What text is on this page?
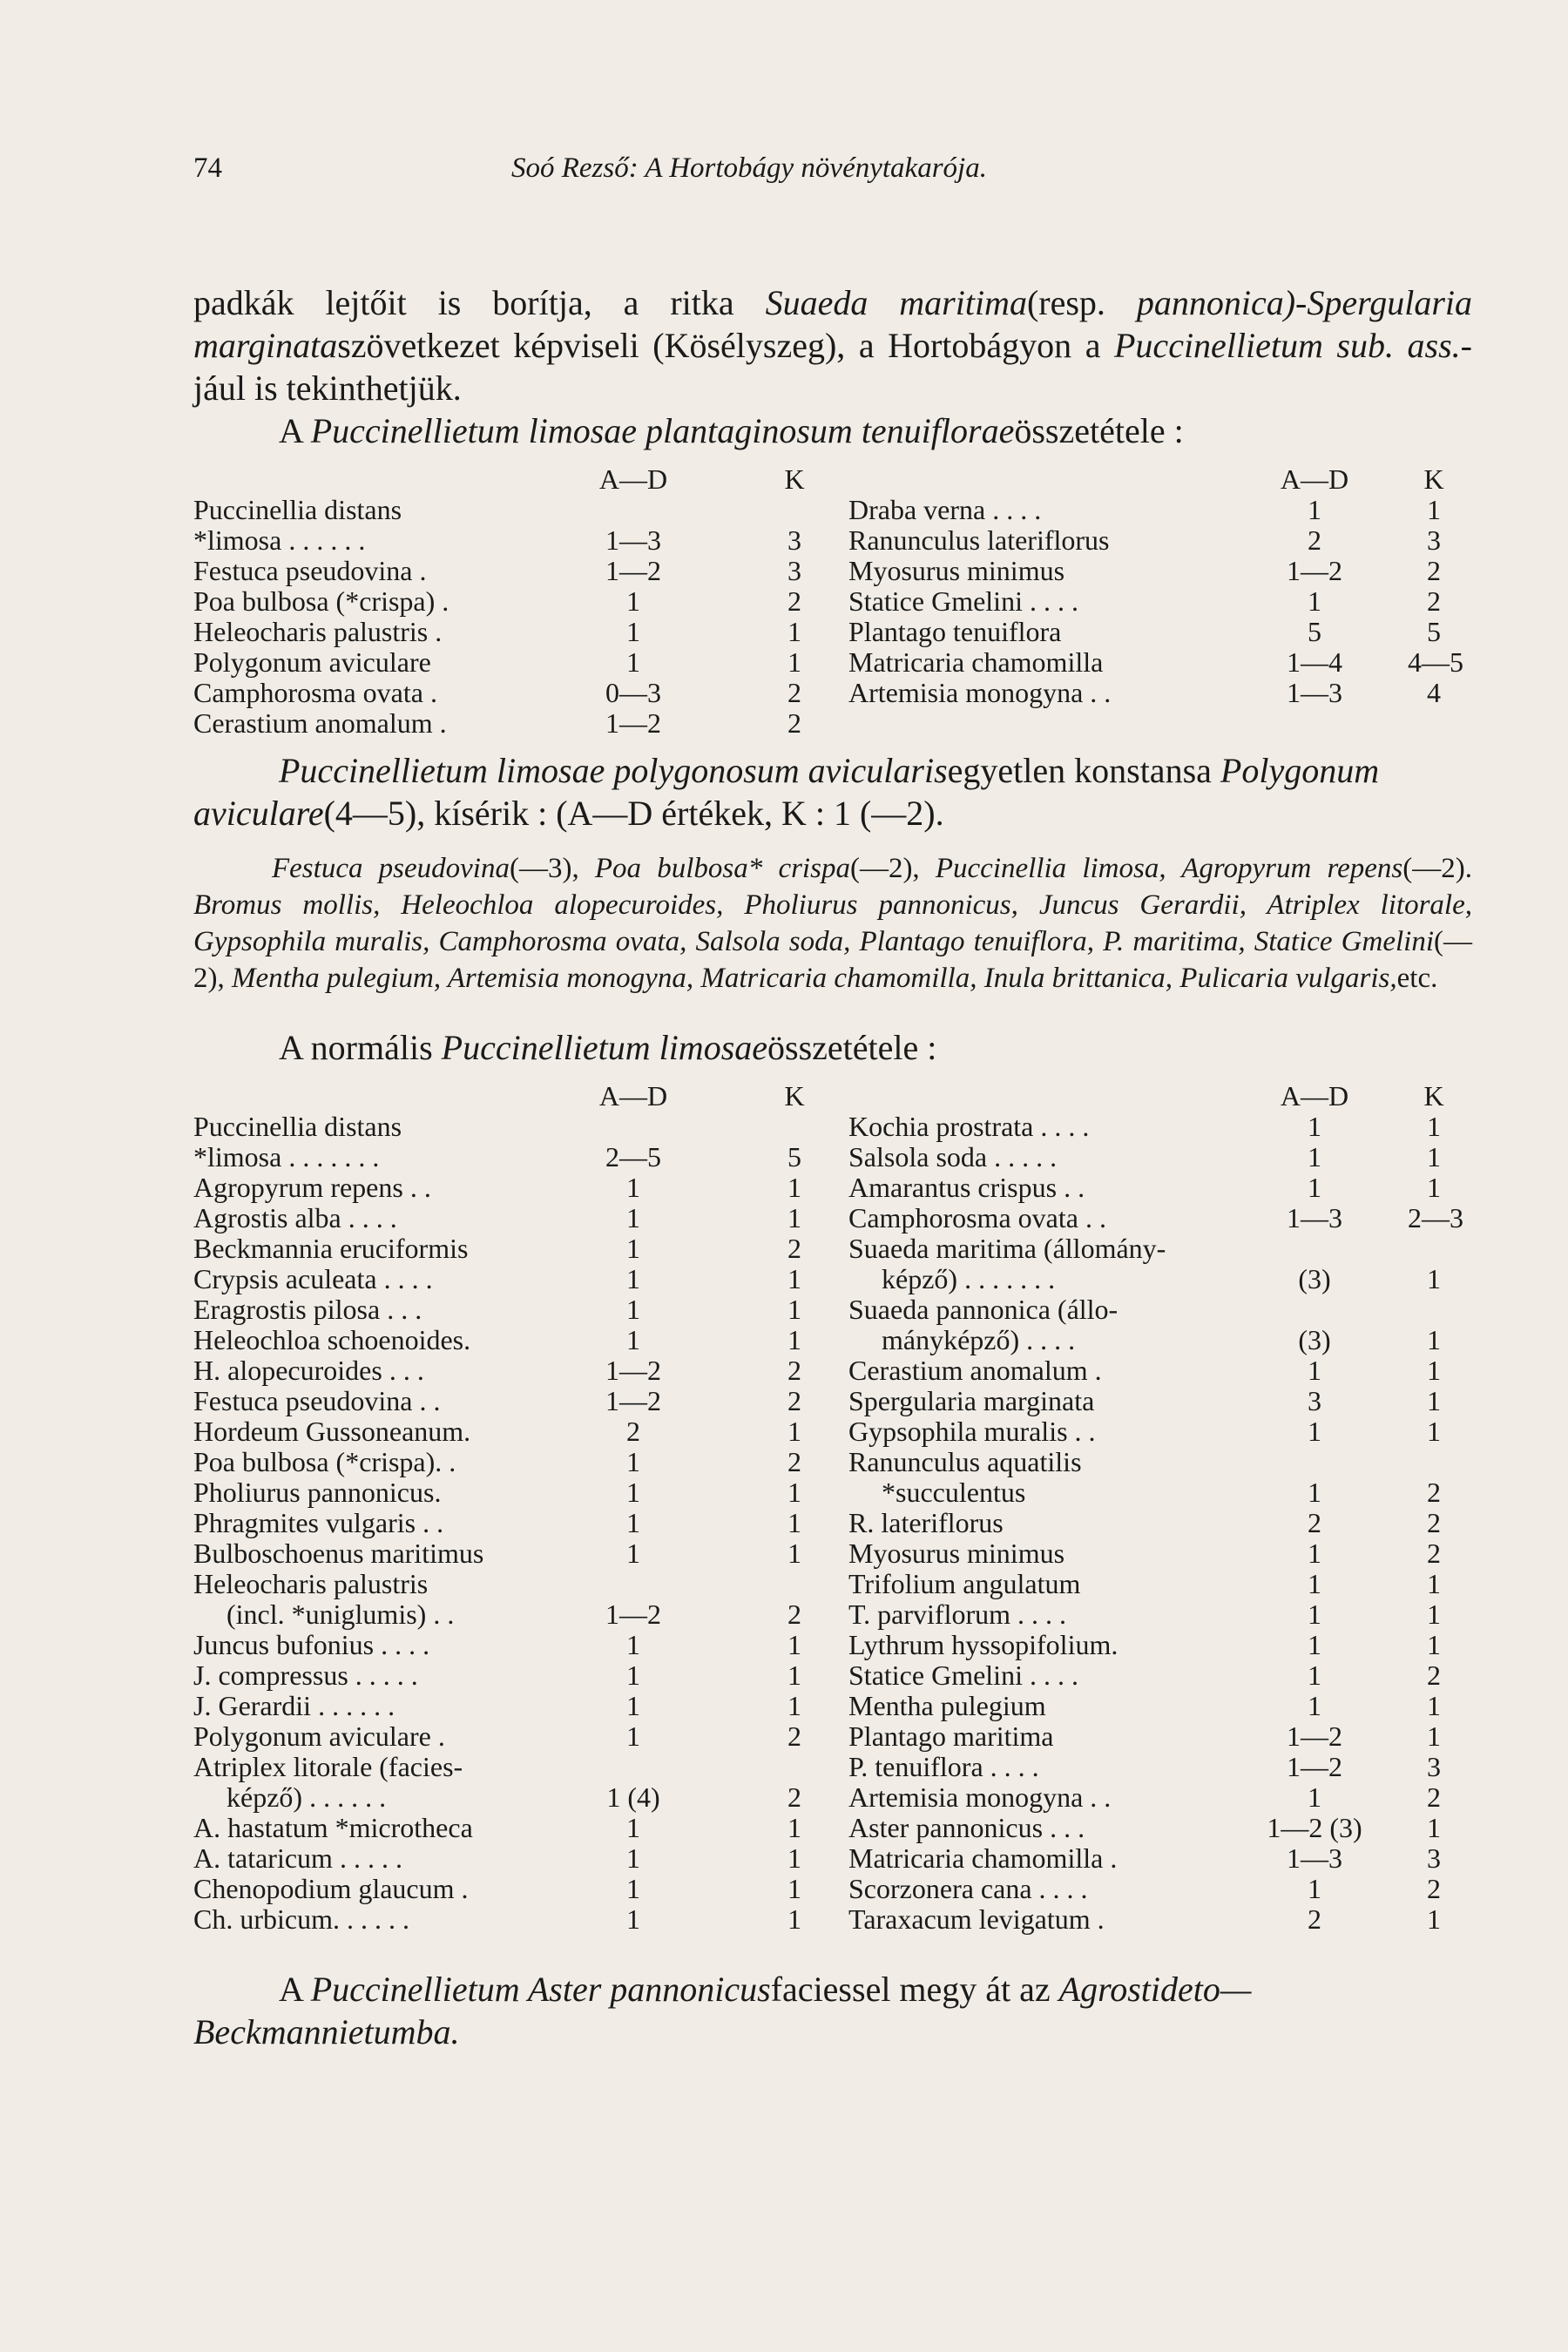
74	Soó Rezső: A Hortobágy növénytakarója.

padkák lejtőit is borítja, a ritka Suaeda maritima(resp. pannonica)-Spergularia marginataszövetkezet képviseli (Kösélyszeg), a Hortobágyon a Puccinellietum sub. ass.-jául is tekinthetjük.

A Puccinellietum limosae plantaginosum tenuifloraeösszetétele :

A—D	K
Puccinellia distans
*limosa . . . . . .	1—3	3
Festuca pseudovina .	1—2	3
Poa bulbosa (*crispa) .	1	2
Heleocharis palustris .	1	1
Polygonum aviculare	1	1
Camphorosma ovata .	0—3	2
Cerastium anomalum .	1—2	2
A—D	K
Draba verna . . . .	1	1
Ranunculus lateriflorus	2	3
Myosurus minimus	1—2	2
Statice Gmelini . . . .	1	2
Plantago tenuiflora	5	5
Matricaria chamomilla	1—4	4—5
Artemisia monogyna . .	1—3	4

Puccinellietum limosae polygonosum avicularisegyetlen konstansa Polygonum aviculare(4—5), kísérik : (A—D értékek, K : 1 (—2).

Festuca pseudovina(—3), Poa bulbosa* crispa(—2), Puccinellia limosa, Agropyrum repens(—2). Bromus mollis, Heleochloa alopecuroides, Pholiurus pannonicus, Juncus Gerardii, Atriplex litorale, Gypsophila muralis, Camphorosma ovata, Salsola soda, Plantago tenuiflora, P. maritima, Statice Gmelini(—2), Mentha pulegium, Artemisia monogyna, Matricaria chamomilla, Inula brittanica, Pulicaria vulgaris,etc.

A normális Puccinellietum limosaeösszetétele :

A—D	K
Puccinellia distans
*limosa . . . . . . .	2—5	5
Agropyrum repens . .	1	1
Agrostis alba . . . .	1	1
Beckmannia eruciformis	1	2
Crypsis aculeata . . . .	1	1
Eragrostis pilosa . . .	1	1
Heleochloa schoenoides.	1	1
H. alopecuroides . . .	1—2	2
Festuca pseudovina . .	1—2	2
Hordeum Gussoneanum.	2	1
Poa bulbosa (*crispa). .	1	2
Pholiurus pannonicus.	1	1
Phragmites vulgaris . .	1	1
Bulboschoenus maritimus	1	1
Heleocharis palustris
(incl. *uniglumis) . .	1—2	2
Juncus bufonius . . . .	1	1
J. compressus . . . . .	1	1
J. Gerardii . . . . . .	1	1
Polygonum aviculare .	1	2
Atriplex litorale (facies-
képző) . . . . . .	1 (4)	2
A. hastatum *microtheca	1	1
A. tataricum . . . . .	1	1
Chenopodium glaucum .	1	1
Ch. urbicum. . . . . .	1	1
A—D	K
Kochia prostrata . . . .	1	1
Salsola soda . . . . .	1	1
Amarantus crispus . .	1	1
Camphorosma ovata . .	1—3	2—3
Suaeda maritima (állomány-
képző) . . . . . . .	(3)	1
Suaeda pannonica (állo-
mányképző) . . . .	(3)	1
Cerastium anomalum .	1	1
Spergularia marginata	3	1
Gypsophila muralis . .	1	1
Ranunculus aquatilis
*succulentus	1	2
R. lateriflorus	2	2
Myosurus minimus	1	2
Trifolium angulatum	1	1
T. parviflorum . . . .	1	1
Lythrum hyssopifolium.	1	1
Statice Gmelini . . . .	1	2
Mentha pulegium	1	1
Plantago maritima	1—2	1
P. tenuiflora . . . .	1—2	3
Artemisia monogyna . .	1	2
Aster pannonicus . . .	1—2 (3)	1
Matricaria chamomilla .	1—3	3
Scorzonera cana . . . .	1	2
Taraxacum levigatum .	2	1

A Puccinellietum Aster pannonicusfaciessel megy át az Agrostideto—Beckmannietumba.
